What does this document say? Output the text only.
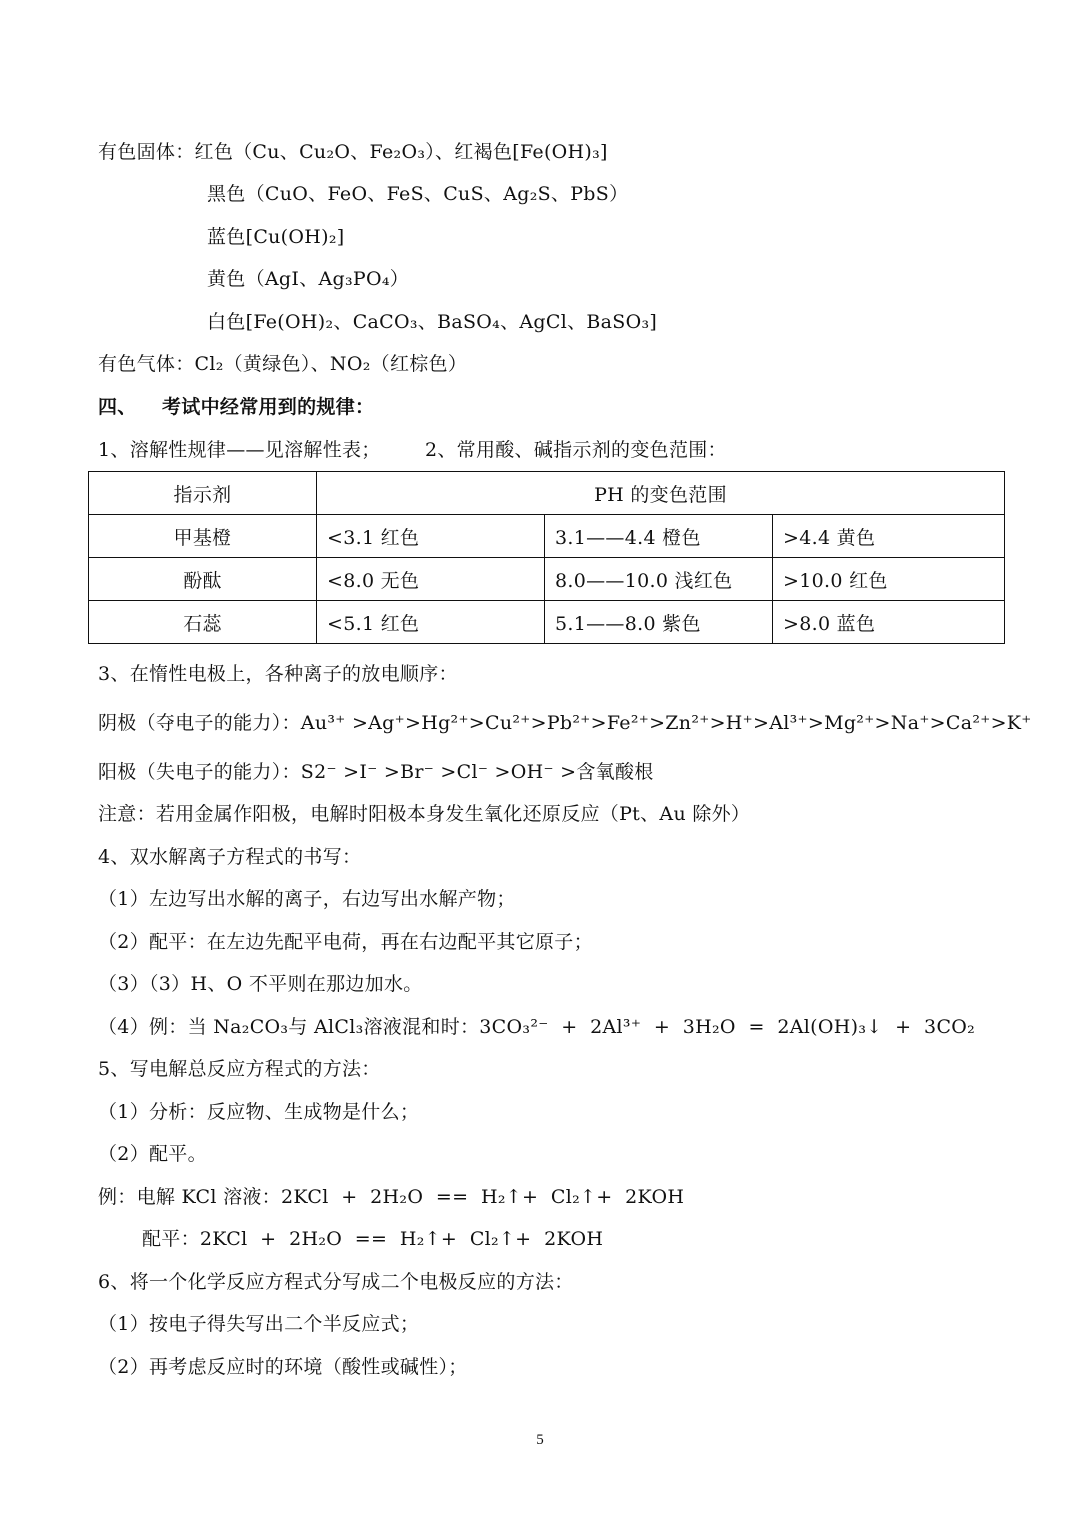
有色固体：红色（Cu、Cu₂O、Fe₂O₃）、红褐色[Fe(OH)₃]
黑色（CuO、FeO、FeS、CuS、Ag₂S、PbS）
蓝色[Cu(OH)₂]
黄色（AgI、Ag₃PO₄）
白色[Fe(OH)₂、CaCO₃、BaSO₄、AgCl、BaSO₃]
有色气体：Cl₂（黄绿色）、NO₂（红棕色）
四、 考试中经常用到的规律：
1、溶解性规律——见溶解性表；       2、常用酸、碱指示剂的变色范围：
指示剂	PH 的变色范围		
甲基橙	<3.1 红色	3.1——4.4 橙色	>4.4 黄色
酚酞	<8.0 无色	8.0——10.0 浅红色	>10.0 红色
石蕊	<5.1 红色	5.1——8.0 紫色	>8.0 蓝色
3、在惰性电极上，各种离子的放电顺序：
阴极（夺电子的能力）：Au³⁺ >Ag⁺>Hg²⁺>Cu²⁺>Pb²⁺>Fe²⁺>Zn²⁺>H⁺>Al³⁺>Mg²⁺>Na⁺>Ca²⁺>K⁺
阳极（失电子的能力）：S2⁻ >I⁻ >Br⁻ >Cl⁻ >OH⁻ >含氧酸根
注意：若用金属作阳极，电解时阳极本身发生氧化还原反应（Pt、Au 除外）
4、双水解离子方程式的书写：
（1）左边写出水解的离子，右边写出水解产物；
（2）配平：在左边先配平电荷，再在右边配平其它原子；
（3）（3）H、O 不平则在那边加水。
（4）例：当 Na₂CO₃与 AlCl₃溶液混和时：3CO₃²⁻  +  2Al³⁺  +  3H₂O  =  2Al(OH)₃↓  +  3CO₂
5、写电解总反应方程式的方法：
（1）分析：反应物、生成物是什么；
（2）配平。
例：电解 KCl 溶液：2KCl  +  2H₂O  ==  H₂↑+  Cl₂↑+  2KOH
配平：2KCl  +  2H₂O  ==  H₂↑+  Cl₂↑+  2KOH
6、将一个化学反应方程式分写成二个电极反应的方法：
（1）按电子得失写出二个半反应式；
（2）再考虑反应时的环境（酸性或碱性）；
5
